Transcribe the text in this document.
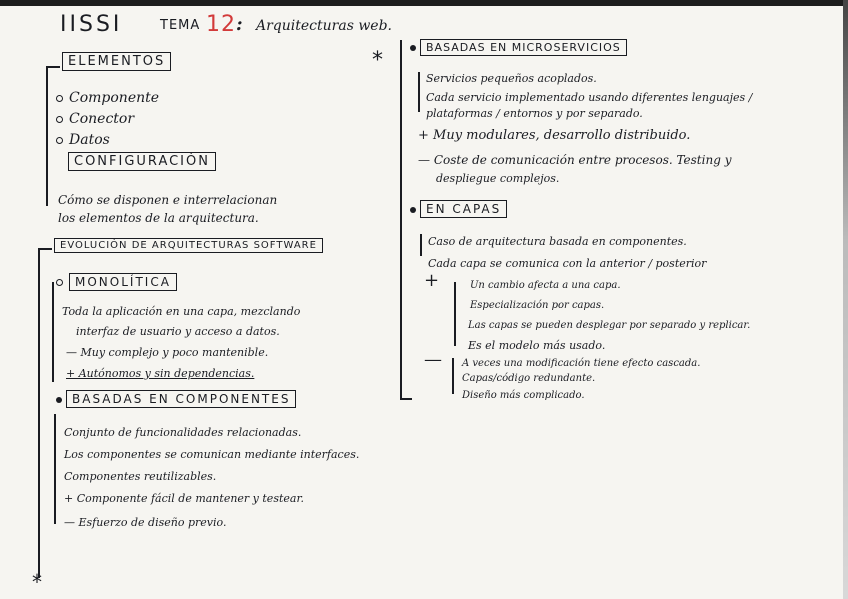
IISSI	TEMA 12 : Arquitecturas web.
ELEMENTOS
Componente
Conector
Datos
CONFIGURACIÓN
Cómo se disponen e interrelacionan
los elementos de la arquitectura.
EVOLUCIÓN DE ARQUITECTURAS SOFTWARE
MONOLÍTICA
Toda la aplicación en una capa, mezclando
interfaz de usuario y acceso a datos.
— Muy complejo y poco mantenible.
+ Autónomos y sin dependencias.
BASADAS EN COMPONENTES
Conjunto de funcionalidades relacionadas.
Los componentes se comunican mediante interfaces.
Componentes reutilizables.
+ Componente fácil de mantener y testear.
— Esfuerzo de diseño previo.
*
BASADAS EN MICROSERVICIOS
Servicios pequeños acoplados.
Cada servicio implementado usando diferentes lenguajes /
plataformas / entornos y por separado.
+ Muy modulares, desarrollo distribuido.
— Coste de comunicación entre procesos. Testing y
despliegue complejos.
EN CAPAS
Caso de arquitectura basada en componentes.
Cada capa se comunica con la anterior / posterior
+	Un cambio afecta a una capa.
Especialización por capas.
Las capas se pueden desplegar por separado y replicar.
Es el modelo más usado.
— A veces una modificación tiene efecto cascada.
Capas/código redundante.
Diseño más complicado.
*
